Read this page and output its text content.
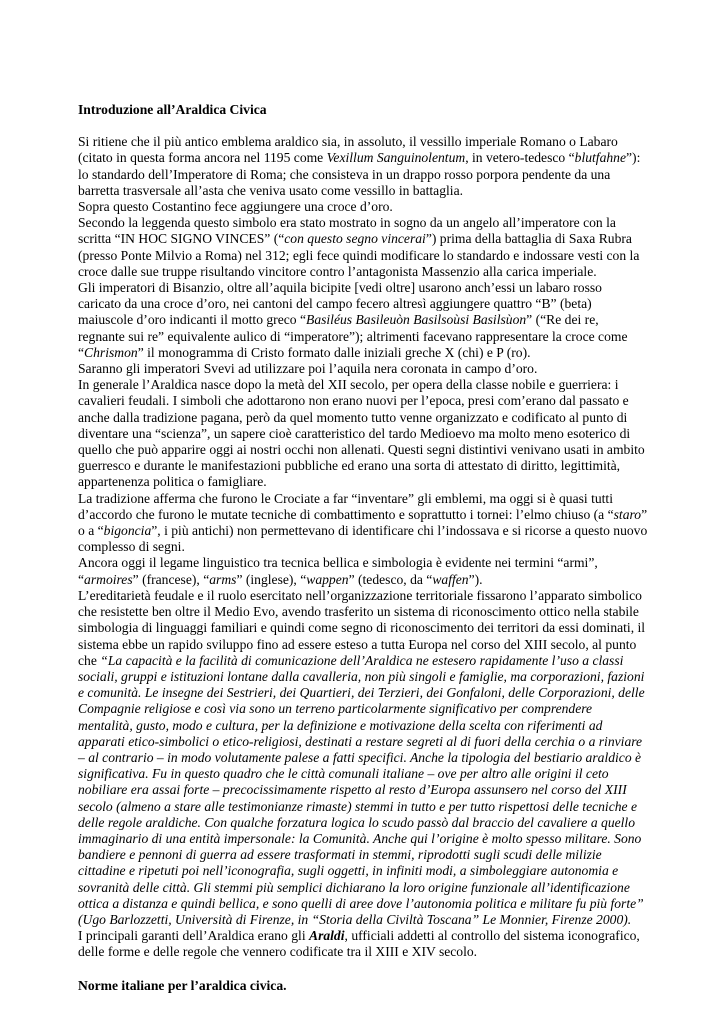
Introduzione all’Araldica Civica

Si ritiene che il più antico emblema araldico sia, in assoluto, il vessillo imperiale Romano o Labaro (citato in questa forma ancora nel 1195 come Vexillum Sanguinolentum, in vetero-tedesco “blutfahne”): lo standardo dell’Imperatore di Roma; che consisteva in un drappo rosso porpora pendente da una barretta trasversale all’asta che veniva usato come vessillo in battaglia.

Sopra questo Costantino fece aggiungere una croce d’oro.

Secondo la leggenda questo simbolo era stato mostrato in sogno da un angelo all’imperatore con la scritta “IN HOC SIGNO VINCES” (“con questo segno vincerai”) prima della battaglia di Saxa Rubra (presso Ponte Milvio a Roma) nel 312; egli fece quindi modificare lo standardo e indossare vesti con la croce dalle sue truppe risultando vincitore contro l’antagonista Massenzio alla carica imperiale.

Gli imperatori di Bisanzio, oltre all’aquila bicipite [vedi oltre] usarono anch’essi un labaro rosso caricato da una croce d’oro, nei cantoni del campo fecero altresì aggiungere quattro “B” (beta) maiuscole d’oro indicanti il motto greco “Basiléus Basileuòn Basilsoùsi Basilsùon” (“Re dei re, regnante sui re” equivalente aulico di “imperatore”); altrimenti facevano rappresentare la croce come “Chrismon” il monogramma di Cristo formato dalle iniziali greche X (chi) e P (ro).

Saranno gli imperatori Svevi ad utilizzare poi l’aquila nera coronata in campo d’oro.

In generale l’Araldica nasce dopo la metà del XII secolo, per opera della classe nobile e guerriera: i cavalieri feudali. I simboli che adottarono non erano nuovi per l’epoca, presi com’erano dal passato e anche dalla tradizione pagana, però da quel momento tutto venne organizzato e codificato al punto di diventare una “scienza”, un sapere cioè caratteristico del tardo Medioevo ma molto meno esoterico di quello che può apparire oggi ai nostri occhi non allenati. Questi segni distintivi venivano usati in ambito guerresco e durante le manifestazioni pubbliche ed erano una sorta di attestato di diritto, legittimità, appartenenza politica o famigliare.

La tradizione afferma che furono le Crociate a far “inventare” gli emblemi, ma oggi si è quasi tutti d’accordo che furono le mutate tecniche di combattimento e soprattutto i tornei: l’elmo chiuso (a “staro” o a “bigoncia”, i più antichi) non permettevano di identificare chi l’indossava e si ricorse a questo nuovo complesso di segni.

Ancora oggi il legame linguistico tra tecnica bellica e simbologia è evidente nei termini “armi”, “armoires” (francese), “arms” (inglese), “wappen” (tedesco, da “waffen”).

L’ereditarietà feudale e il ruolo esercitato nell’organizzazione territoriale fissarono l’apparato simbolico che resistette ben oltre il Medio Evo, avendo trasferito un sistema di riconoscimento ottico nella stabile simbologia di linguaggi familiari e quindi come segno di riconoscimento dei territori da essi dominati, il sistema ebbe un rapido sviluppo fino ad essere esteso a tutta Europa nel corso del XIII secolo, al punto che “La capacità e la facilità di comunicazione dell’Araldica ne estesero rapidamente l’uso a classi sociali, gruppi e istituzioni lontane dalla cavalleria, non più singoli e famiglie, ma corporazioni, fazioni e comunità. Le insegne dei Sestrieri, dei Quartieri, dei Terzieri, dei Gonfaloni, delle Corporazioni, delle Compagnie religiose e così via sono un terreno particolarmente significativo per comprendere mentalità, gusto, modo e cultura, per la definizione e motivazione della scelta con riferimenti ad apparati etico-simbolici o etico-religiosi, destinati a restare segreti al di fuori della cerchia o a rinviare – al contrario – in modo volutamente palese a fatti specifici. Anche la tipologia del bestiario araldico è significativa. Fu in questo quadro che le città comunali italiane – ove per altro alle origini il ceto nobiliare era assai forte – precocissimamente rispetto al resto d’Europa assunsero nel corso del XIII secolo (almeno a stare alle testimonianze rimaste) stemmi in tutto e per tutto rispettosi delle tecniche e delle regole araldiche. Con qualche forzatura logica lo scudo passò dal braccio del cavaliere a quello immaginario di una entità impersonale: la Comunità. Anche qui l’origine è molto spesso militare. Sono bandiere e pennoni di guerra ad essere trasformati in stemmi, riprodotti sugli scudi delle milizie cittadine e ripetuti poi nell’iconografia, sugli oggetti, in infiniti modi, a simboleggiare autonomia e sovranità delle città. Gli stemmi più semplici dichiarano la loro origine funzionale all’identificazione ottica a distanza e quindi bellica, e sono quelli di aree dove l’autonomia politica e militare fu più forte” (Ugo Barlozzetti, Università di Firenze, in “Storia della Civiltà Toscana” Le Monnier, Firenze 2000).

I principali garanti dell’Araldica erano gli Araldi, ufficiali addetti al controllo del sistema iconografico, delle forme e delle regole che vennero codificate tra il XIII e XIV secolo.

Norme italiane per l’araldica civica.
